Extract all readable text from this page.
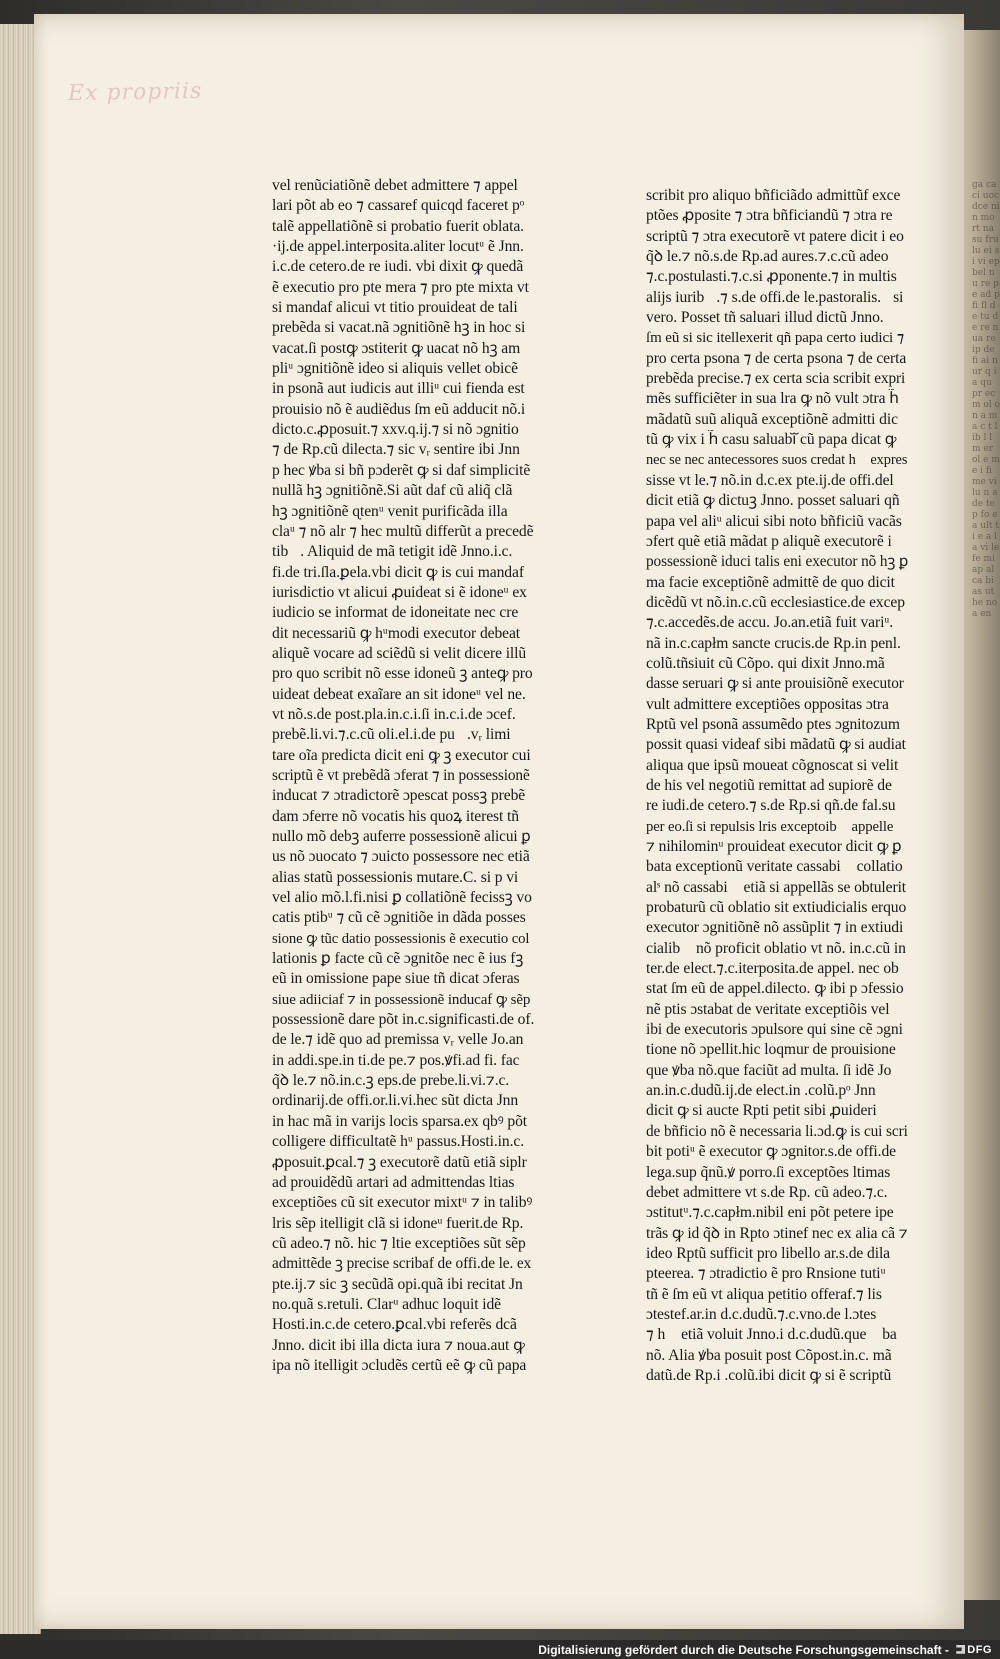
ga ca ci uoc dce nin mo rt na su fru lu ei si vi ep bel nu re pe ad pfi fl de tu de re nua re ip de fi ai n ur q ia qu pr ec m ol o n a ma c t lib l l m er ol e me i fi me vi lu n a de te p fo ea ult ti e a l a vi le fe mi ap al ca bi as ut he no a en
Ex propriis
vel renũciatiõnẽ debet admittere ⁊ appel
lari põt ab eo ⁊ cassaref quicqd faceret pᵒ
talẽ appellatiõnẽ si probatio fuerit oblata.
·ij.de appel.interposita.aliter locutᵘ ẽ Jnn.
i.c.de cetero.de re iudi. vbi dixit ꝙ quedã
ẽ executio pro pte mera ⁊ pro pte mixta vt
si mandaf alicui vt titio prouideat de tali
prebẽda si vacat.nã ɔgnitiõnẽ hꝫ in hoc si
vacat.ſi postꝙ ɔstiterit ꝙ uacat nõ hꝫ am
pliᵘ ɔgnitiõnẽ ideo si aliquis vellet obicẽ
in psonã aut iudicis aut illiᵘ cui fienda est
prouisio nõ ẽ audiẽdus ſm eũ adducit nõ.i
dicto.c.ꝓposuit.⁊ xxv.q.ij.⁊ si nõ ɔgnitio
⁊ de Rp.cũ dilecta.⁊ sic vᵣ sentire ibi Jnn
p hec ꝟba si bñ pɔderẽt ꝙ si daf simplicitẽ
nullã hꝫ ɔgnitiõnẽ.Si aũt daf cũ aliq̃ clã
hꝫ ɔgnitiõnẽ ɋtenᵘ venit purificãda illa
claᵘ ⁊ nõ alr ⁊ hec multũ differũt a precedẽ
tib᷑. Aliquid de mã tetigit idẽ Jnno.i.c.
fi.de tri.ſla.ꝑela.vbi dicit ꝙ is cui mandaf
iurisdictio vt alicui ꝓuideat si ẽ idoneᵘ ex
iudicio se informat de idoneitate nec cre
dit necessariũ ꝙ hᵘmodi executor debeat
aliquẽ vocare ad sciẽdũ si velit dicere illũ
pro quo scribit nõ esse idoneũ ꝫ anteꝙ pro
uideat debeat exaĩare an sit idoneᵘ vel ne.
vt nõ.s.de post.pla.in.c.i.ſi in.c.i.de ɔcef.
prebẽ.li.vi.⁊.c.cũ oli.el.i.de puᷓ.vᵣ limi
tare oĩa predicta dicit eni ꝙ ꝫ executor cui
scriptũ ẽ vt prebẽdã ɔferat ⁊ in possessionẽ
inducat ⁊ ɔtradictorẽ ɔpescat possꝫ prebẽ
dam ɔferre nõ vocatis his quoꝝ iterest tñ
nullo mõ debꝫ auferre possessionẽ alicui ꝑ
us nõ ɔuocato ⁊ ɔuicto possessore nec etiã
alias statũ possessionis mutare.C. si p vi
vel alio mõ.l.fi.nisi ꝑ collatiõnẽ fecissꝫ vo
catis ptibᵘ ⁊ cũ cẽ ɔgnitiõe in dãda posses
sione ꝙ tũc datio possessionis ẽ executio col
lationis ꝑ facte cũ cẽ ɔgnitõe nec ẽ ius fꝫ
eũ in omissione pape siue tñ dicat ɔferas
siue adiiciaf ⁊ in possessionẽ inducaf ꝙ sẽp
possessionẽ dare põt in.c.significasti.de of.
de le.⁊ idẽ quo ad premissa vᵣ velle Jo.an
in addi.spe.in ti.de pe.⁊ pos.ꝟfi.ad fi. fac
q̃ꝺ le.⁊ nõ.in.c.ꝫ eps.de prebe.li.vi.⁊.c.
ordinarij.de offi.or.li.vi.hec sũt dicta Jnn
in hac mã in varijs locis sparsa.ex qbꝰ põt
colligere difficultatẽ hᵘ passus.Hosti.in.c.
ꝓposuit.ꝑcal.⁊ ꝫ executorẽ datũ etiã siplr
ad prouidẽdũ artari ad admittendas ltias
exceptiões cũ sit executor mixtᵘ ⁊ in talibꝰ
lris sẽp itelligit clã si idoneᵘ fuerit.de Rp.
cũ adeo.⁊ nõ. hic ⁊ ltie exceptiões sũt sẽp
admittẽde ꝫ precise scribaf de offi.de le. ex
pte.ij.⁊ sic ꝫ secũdã opi.quã ibi recitat Jn
no.quã s.retuli. Clarᵘ adhuc loquit idẽ
Hosti.in.c.de cetero.ꝑcal.vbi referẽs dcã
Jnno. dicit ibi illa dicta iura ⁊ noua.aut ꝙ
ipa nõ itelligit ɔcludẽs certũ eẽ ꝙ cũ papa
scribit pro aliquo bñficiãdo admittũf exce
ptões ꝓposite ⁊ ɔtra bñficiandũ ⁊ ɔtra re
scriptũ ⁊ ɔtra executorẽ vt patere dicit i eo
q̃ꝺ le.⁊ nõ.s.de Rp.ad aures.⁊.c.cũ adeo
⁊.c.postulasti.⁊.c.si ꝓponente.⁊ in multis
alijs iurib᷑.⁊ s.de offi.de le.pastoralis.ꝟsi
vero. Posset tñ saluari illud dictũ Jnno.
ſm eũ si sic itellexerit qñ papa certo iudici ⁊
pro certa psona ⁊ de certa psona ⁊ de certa
prebẽda precise.⁊ ex certa scia scribit expri
mẽs sufficiẽter in sua lra ꝙ nõ vult ɔtra h᷑
mãdatũ suũ aliquã exceptiõnẽ admitti dic
tũ ꝙ vix i h᷑ casu saluabiᷓ cũ papa dicat ꝙ
nec se nec antecessores suos credat h᷑ expres
sisse vt le.⁊ nõ.in d.c.ex pte.ij.de offi.del
dicit etiã ꝙ dictuꝫ Jnno. posset saluari qñ
papa vel aliᵘ alicui sibi noto bñficiũ vacãs
ɔfert quẽ etiã mãdat p aliquẽ executorẽ i
possessionẽ iduci talis eni executor nõ hꝫ ꝑ
ma facie exceptiõnẽ admittẽ de quo dicit
dicẽdũ vt nõ.in.c.cũ ecclesiastice.de excep
⁊.c.accedẽs.de accu. Jo.an.etiã fuit variᵘ.
nã in.c.capłm sancte crucis.de Rp.in penl.
colũ.tñsiuit cũ Cõpo. qui dixit Jnno.mã
dasse seruari ꝙ si ante prouisiõnẽ executor
vult admittere exceptiões oppositas ɔtra
Rptũ vel psonã assumẽdo ptes ɔgnitozum
possit quasi videaf sibi mãdatũ ꝙ si audiat
aliqua que ipsũ moueat cõgnoscat si velit
de his vel negotiũ remittat ad supiorẽ de
re iudi.de cetero.⁊ s.de Rp.si qñ.de fal.su
per eo.ſi si repulsis lris exceptoib᷑ appelleᷓ
⁊ nihilominᵘ prouideat executor dicit ꝙ ꝑ
bata exceptionũ veritate cassabiᷓ collatio
alˢ nõ cassabiᷓ etiã si appellãs se obtulerit
probaturũ cũ oblatio sit extiudicialis erquo
executor ɔgnitiõnẽ nõ assũplit ⁊ in extiudi
cialib᷑ nõ proficit oblatio vt nõ. in.c.cũ in
ter.de elect.⁊.c.iterposita.de appel. nec ob
stat ſm eũ de appel.dilecto. ꝙ ibi p ɔfessio
nẽ ptis ɔstabat de veritate exceptiõis vel
ibi de executoris ɔpulsore qui sine cẽ ɔgni
tione nõ ɔpellit.hic loqmur de prouisione
que ꝟba nõ.que faciũt ad multa. ſi idẽ Jo
an.in.c.dudũ.ij.de elect.in .colũ.pᵒ Jnn
dicit ꝙ si aucte Rpti petit sibi ꝓuideri
de bñficio nõ ẽ necessaria li.ɔd.ꝙ is cui scri
bit potiᵘ ẽ executor ꝙ ɔgnitor.s.de offi.de
lega.sup q̃nũ.ꝟ porro.ſi exceptões ltimas
debet admittere vt s.de Rp. cũ adeo.⁊.c.
ɔstitutᵘ.⁊.c.capłm.nibil eni põt petere ipe
trãs ꝙ id q̃ꝺ in Rpto ɔtinef nec ex alia cã ⁊
ideo Rptũ sufficit pro libello ar.s.de dila
pteerea. ⁊ ɔtradictio ẽ pro Rnsione tutiᵘ
tñ ẽ ſm eũ vt aliqua petitio offeraf.⁊ lis
ɔtestef.ar.in d.c.dudũ.⁊.c.vno.de l.ɔtes
⁊ h᷑ etiã voluit Jnno.i d.c.dudũ.que ꝟba
nõ. Alia ꝟba posuit post Cõpost.in.c. mã
datũ.de Rp.i .colũ.ibi dicit ꝙ si ẽ scriptũ
Digitalisierung gefördert durch die Deutsche Forschungsgemeinschaft - DFG
